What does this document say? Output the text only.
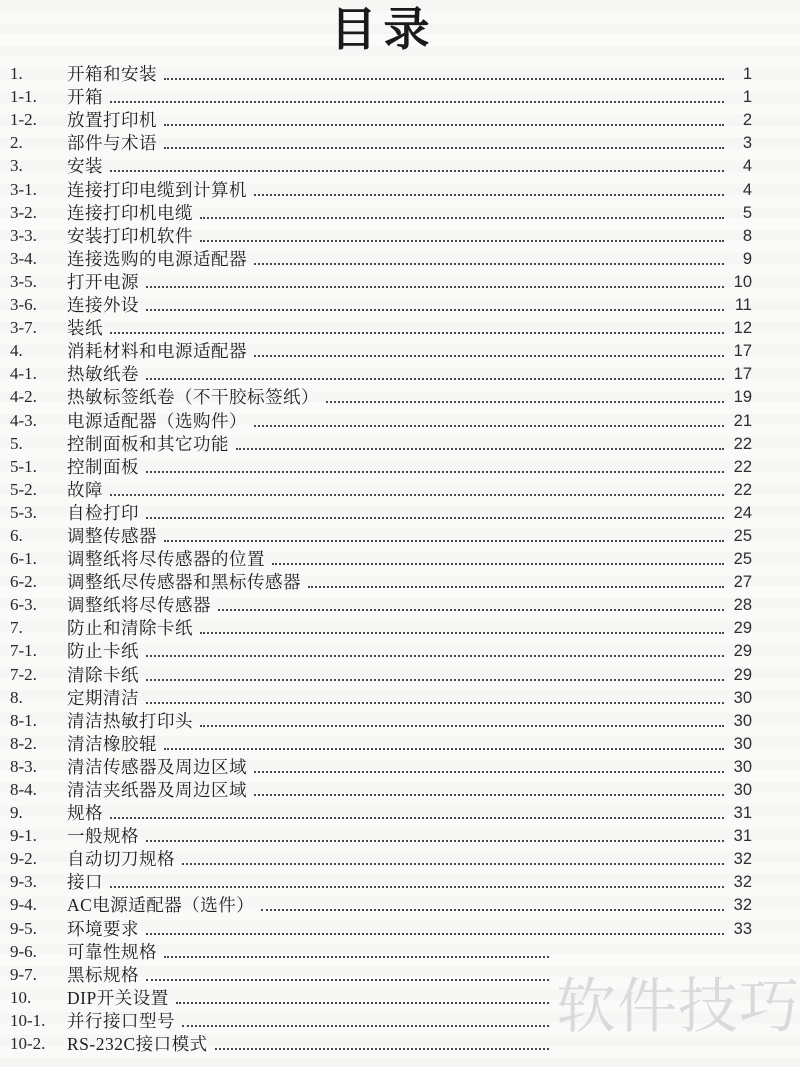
目录
1.	开箱和安装	1
1-1.	开箱	1
1-2.	放置打印机	2
2.	部件与术语	3
3.	安装	4
3-1.	连接打印电缆到计算机	4
3-2.	连接打印机电缆	5
3-3.	安装打印机软件	8
3-4.	连接选购的电源适配器	9
3-5.	打开电源	10
3-6.	连接外设	11
3-7.	装纸	12
4.	消耗材料和电源适配器	17
4-1.	热敏纸卷	17
4-2.	热敏标签纸卷（不干胶标签纸）	19
4-3.	电源适配器（选购件）	21
5.	控制面板和其它功能	22
5-1.	控制面板	22
5-2.	故障	22
5-3.	自检打印	24
6.	调整传感器	25
6-1.	调整纸将尽传感器的位置	25
6-2.	调整纸尽传感器和黑标传感器	27
6-3.	调整纸将尽传感器	28
7.	防止和清除卡纸	29
7-1.	防止卡纸	29
7-2.	清除卡纸	29
8.	定期清洁	30
8-1.	清洁热敏打印头	30
8-2.	清洁橡胶辊	30
8-3.	清洁传感器及周边区域	30
8-4.	清洁夹纸器及周边区域	30
9.	规格	31
9-1.	一般规格	31
9-2.	自动切刀规格	32
9-3.	接口	32
9-4.	AC电源适配器（选件）	32
9-5.	环境要求	33
9-6.	可靠性规格
9-7.	黑标规格
10.	DIP开关设置
10-1.	并行接口型号
10-2.	RS-232C接口模式
软件技巧
